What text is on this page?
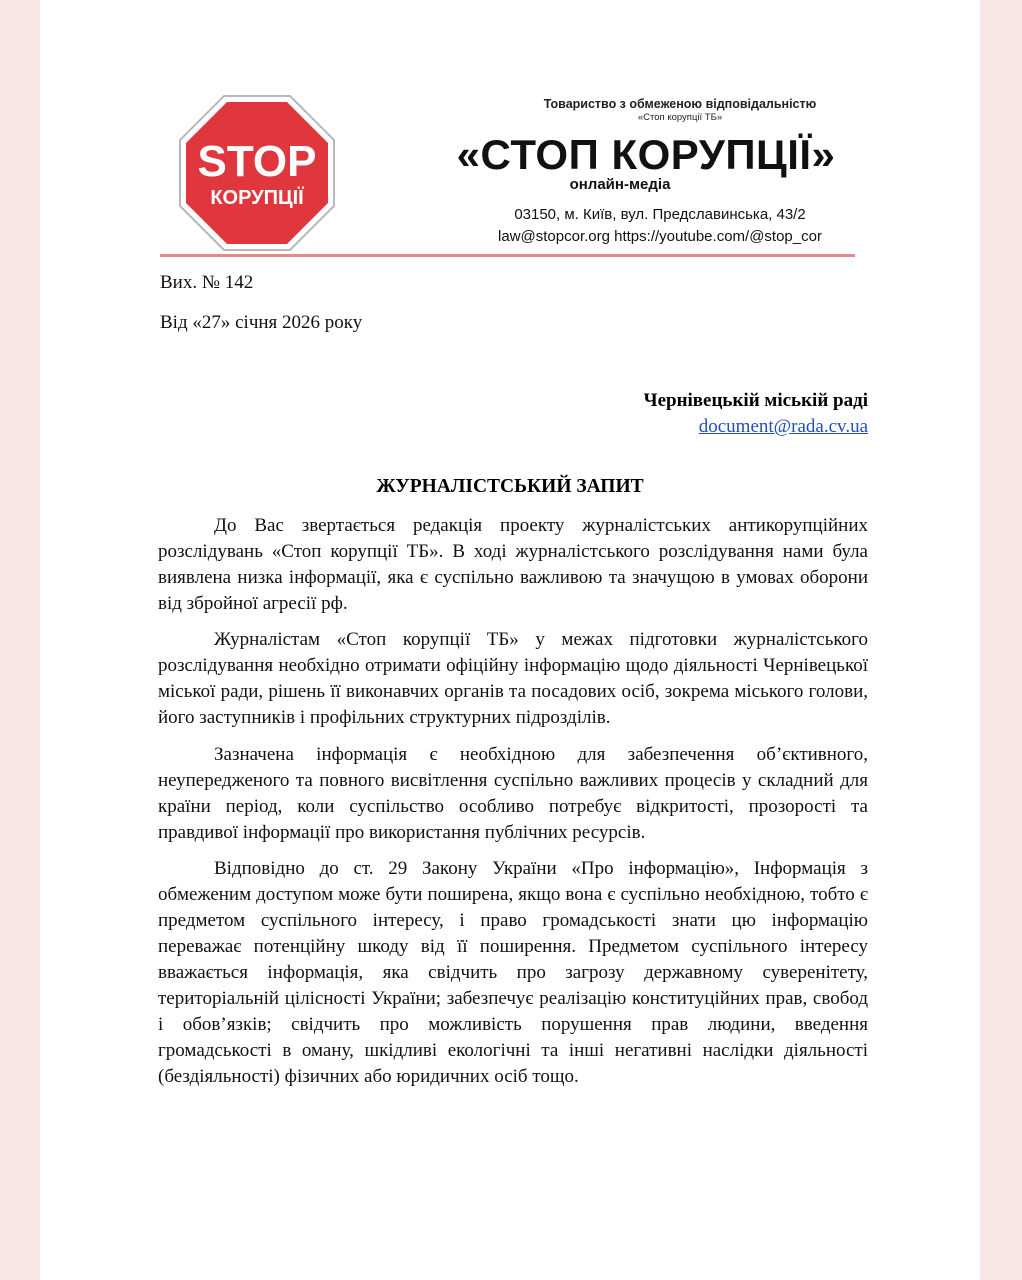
STOP
КОРУПЦІЇ
Товариство з обмеженою відповідальністю
«Стоп корупції ТБ»
«СТОП КОРУПЦІЇ»
онлайн-медіа
03150, м. Київ, вул. Предславинська, 43/2
law@stopcor.org https://youtube.com/@stop_cor
Вих. № 142
Від «27» січня 2026 року
Чернівецькій міській раді
document@rada.cv.ua
ЖУРНАЛІСТСЬКИЙ ЗАПИТ

До Вас звертається редакція проекту журналістських антикорупційних розслідувань «Стоп корупції ТБ». В ході журналістського розслідування нами була виявлена низка інформації, яка є суспільно важливою та значущою в умовах оборони від збройної агресії рф.

Журналістам «Стоп корупції ТБ» у межах підготовки журналістського розслідування необхідно отримати офіційну інформацію щодо діяльності Чернівецької міської ради, рішень її виконавчих органів та посадових осіб, зокрема міського голови, його заступників і профільних структурних підрозділів.

Зазначена інформація є необхідною для забезпечення об’єктивного, неупередженого та повного висвітлення суспільно важливих процесів у складний для країни період, коли суспільство особливо потребує відкритості, прозорості та правдивої інформації про використання публічних ресурсів.

Відповідно до ст. 29 Закону України «Про інформацію», Інформація з обмеженим доступом може бути поширена, якщо вона є суспільно необхідною, тобто є предметом суспільного інтересу, і право громадськості знати цю інформацію переважає потенційну шкоду від її поширення. Предметом суспільного інтересу вважається інформація, яка свідчить про загрозу державному суверенітету, територіальній цілісності України; забезпечує реалізацію конституційних прав, свобод і обов’язків; свідчить про можливість порушення прав людини, введення громадськості в оману, шкідливі екологічні та інші негативні наслідки діяльності (бездіяльності) фізичних або юридичних осіб тощо.
